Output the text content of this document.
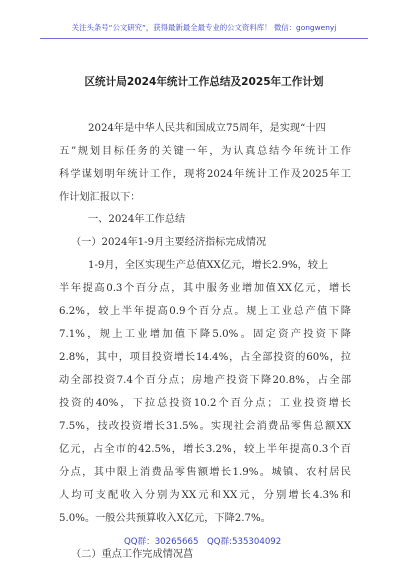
关注头条号“公文研究”，获得最新最全最专业的公文资料库！ 微信：gongwenyj
区统计局2024年统计工作总结及2025年工作计划
2024年是中华人民共和国成立75周年，是实现“十四
五”规划目标任务的关键一年，为认真总结今年统计工作
科学谋划明年统计工作，现将2024年统计工作及2025年工
作计划汇报以下：
一、2024年工作总结
（一）2024年1-9月主要经济指标完成情况
1-9月，全区实现生产总值XX亿元，增长2.9%，较上
半年提高0.3个百分点，其中服务业增加值XX亿元，增长
6.2%，较上半年提高0.9个百分点。规上工业总产值下降
7.1%，规上工业增加值下降5.0%。固定资产投资下降
2.8%，其中，项目投资增长14.4%，占全部投资的60%，拉
动全部投资7.4个百分点；房地产投资下降20.8%，占全部
投资的40%，下拉总投资10.2个百分点；工业投资增长
7.5%，技改投资增长31.5%。实现社会消费品零售总额XX
亿元，占全市的42.5%，增长3.2%，较上半年提高0.3个百
分点，其中限上消费品零售额增长1.9%。城镇、农村居民
人均可支配收入分别为XX元和XX元，分别增长4.3%和
5.0%。一般公共预算收入X亿元，下降2.7%。
（二）重点工作完成情况菖
QQ群：30265665 QQ群:535304092
